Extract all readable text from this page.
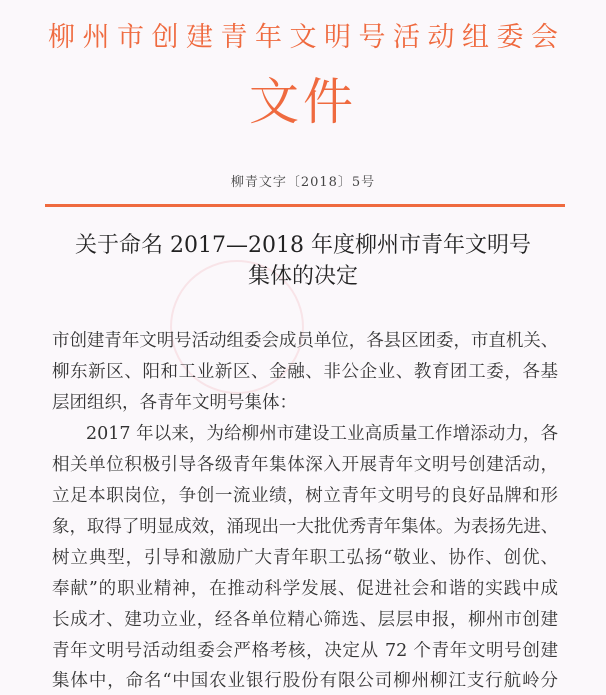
柳州市创建青年文明号活动组委会
文件
柳青文字〔2018〕5号
关于命名 2017—2018 年度柳州市青年文明号
集体的决定
市创建青年文明号活动组委会成员单位，各县区团委，市直机关、
柳东新区、阳和工业新区、金融、非公企业、教育团工委，各基
层团组织，各青年文明号集体：
2017 年以来，为给柳州市建设工业高质量工作增添动力，各
相关单位积极引导各级青年集体深入开展青年文明号创建活动，
立足本职岗位，争创一流业绩，树立青年文明号的良好品牌和形
象，取得了明显成效，涌现出一大批优秀青年集体。为表扬先进、
树立典型，引导和激励广大青年职工弘扬“敬业、协作、创优、
奉献”的职业精神，在推动科学发展、促进社会和谐的实践中成
长成才、建功立业，经各单位精心筛选、层层申报，柳州市创建
青年文明号活动组委会严格考核，决定从 72 个青年文明号创建
集体中，命名“中国农业银行股份有限公司柳州柳江支行航岭分
